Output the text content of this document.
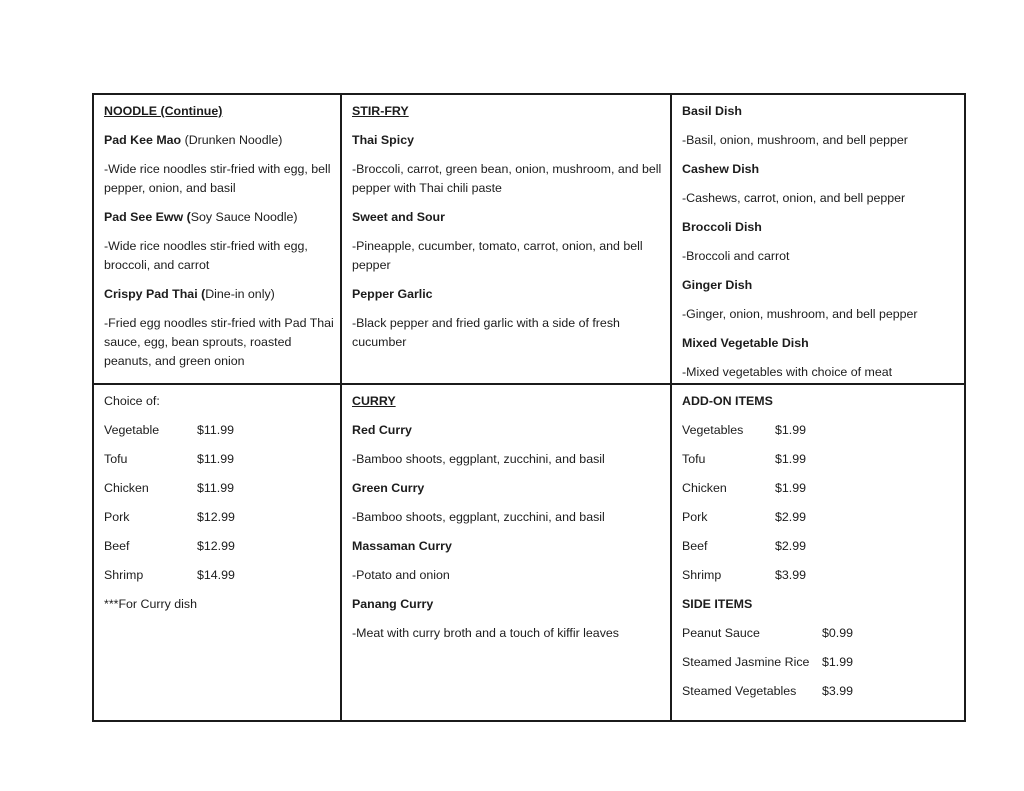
NOODLE (Continue)

Pad Kee Mao (Drunken Noodle)

-Wide rice noodles stir-fried with egg, bell pepper, onion, and basil

Pad See Eww (Soy Sauce Noodle)

-Wide rice noodles stir-fried with egg, broccoli, and carrot

Crispy Pad Thai (Dine-in only)

-Fried egg noodles stir-fried with Pad Thai sauce, egg, bean sprouts, roasted peanuts, and green onion

STIR-FRY

Thai Spicy

-Broccoli, carrot, green bean, onion, mushroom, and bell pepper with Thai chili paste

Sweet and Sour

-Pineapple, cucumber, tomato, carrot, onion, and bell pepper

Pepper Garlic

-Black pepper and fried garlic with a side of fresh cucumber

Basil Dish

-Basil, onion, mushroom, and bell pepper

Cashew Dish

-Cashews, carrot, onion, and bell pepper

Broccoli Dish

-Broccoli and carrot

Ginger Dish

-Ginger, onion, mushroom, and bell pepper

Mixed Vegetable Dish

-Mixed vegetables with choice of meat

Choice of:

Vegetable	$11.99
Tofu	$11.99
Chicken	$11.99
Pork	$12.99
Beef	$12.99
Shrimp	$14.99

***For Curry dish

CURRY

Red Curry

-Bamboo shoots, eggplant, zucchini, and basil

Green Curry

-Bamboo shoots, eggplant, zucchini, and basil

Massaman Curry

-Potato and onion

Panang Curry

-Meat with curry broth and a touch of kiffir leaves

ADD-ON ITEMS

Vegetables	$1.99
Tofu	$1.99
Chicken	$1.99
Pork	$2.99
Beef	$2.99
Shrimp	$3.99

SIDE ITEMS

Peanut Sauce	$0.99
Steamed Jasmine Rice	$1.99
Steamed Vegetables	$3.99
